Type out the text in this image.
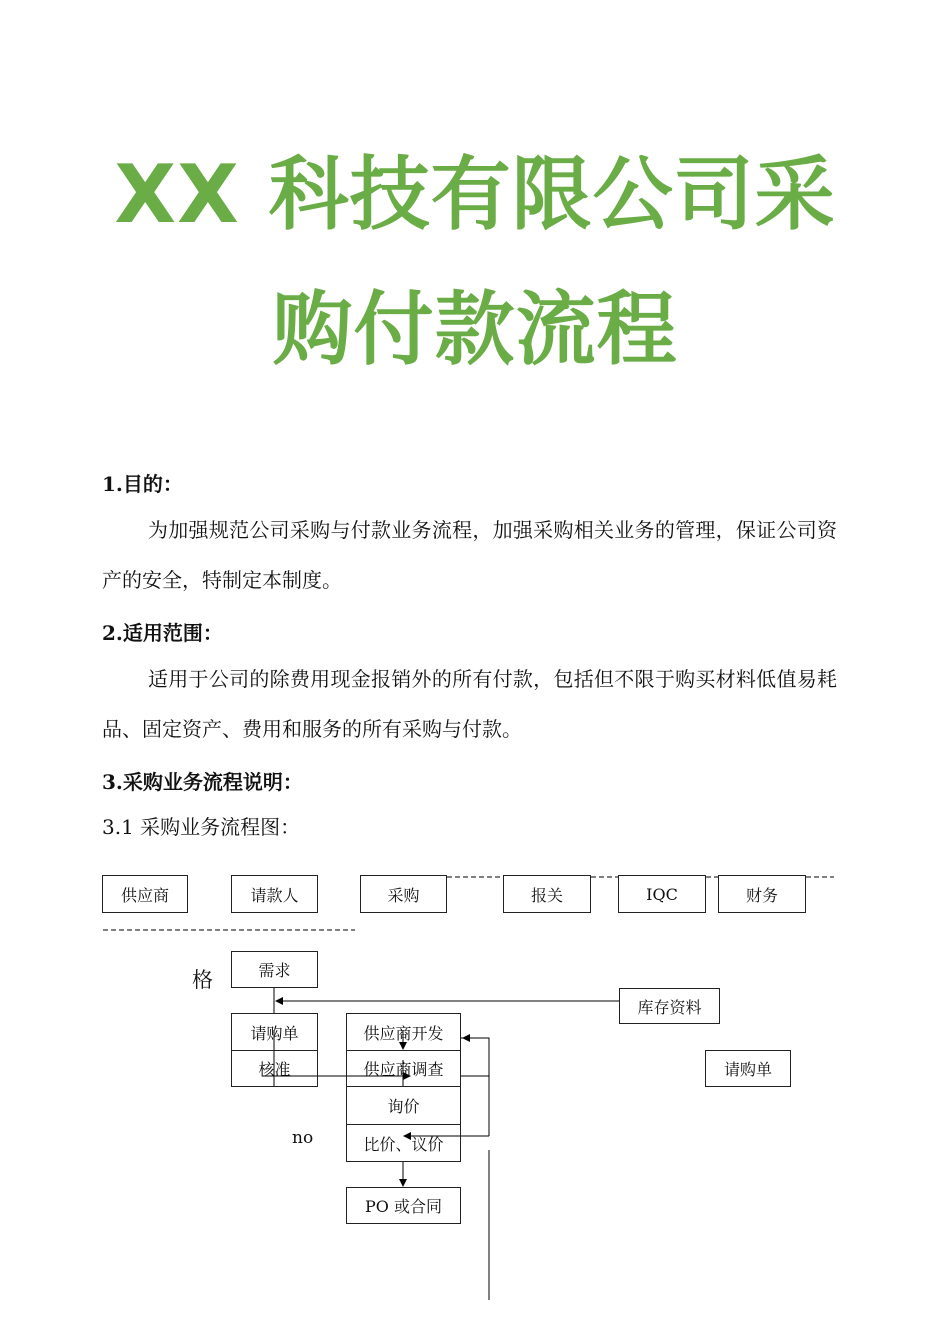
XX 科技有限公司采
购付款流程
1.目的：
为加强规范公司采购与付款业务流程，加强采购相关业务的管理，保证公司资产的安全，特制定本制度。
2.适用范围：
适用于公司的除费用现金报销外的所有付款，包括但不限于购买材料低值易耗品、固定资产、费用和服务的所有采购与付款。
3.采购业务流程说明：
3.1 采购业务流程图：
供应商	请款人	采购	报关	IQC	财务
格
no
需求
库存资料
请购单
核准
供应商开发
供应商调查
询价
比价、议价
PO 或合同
请购单
